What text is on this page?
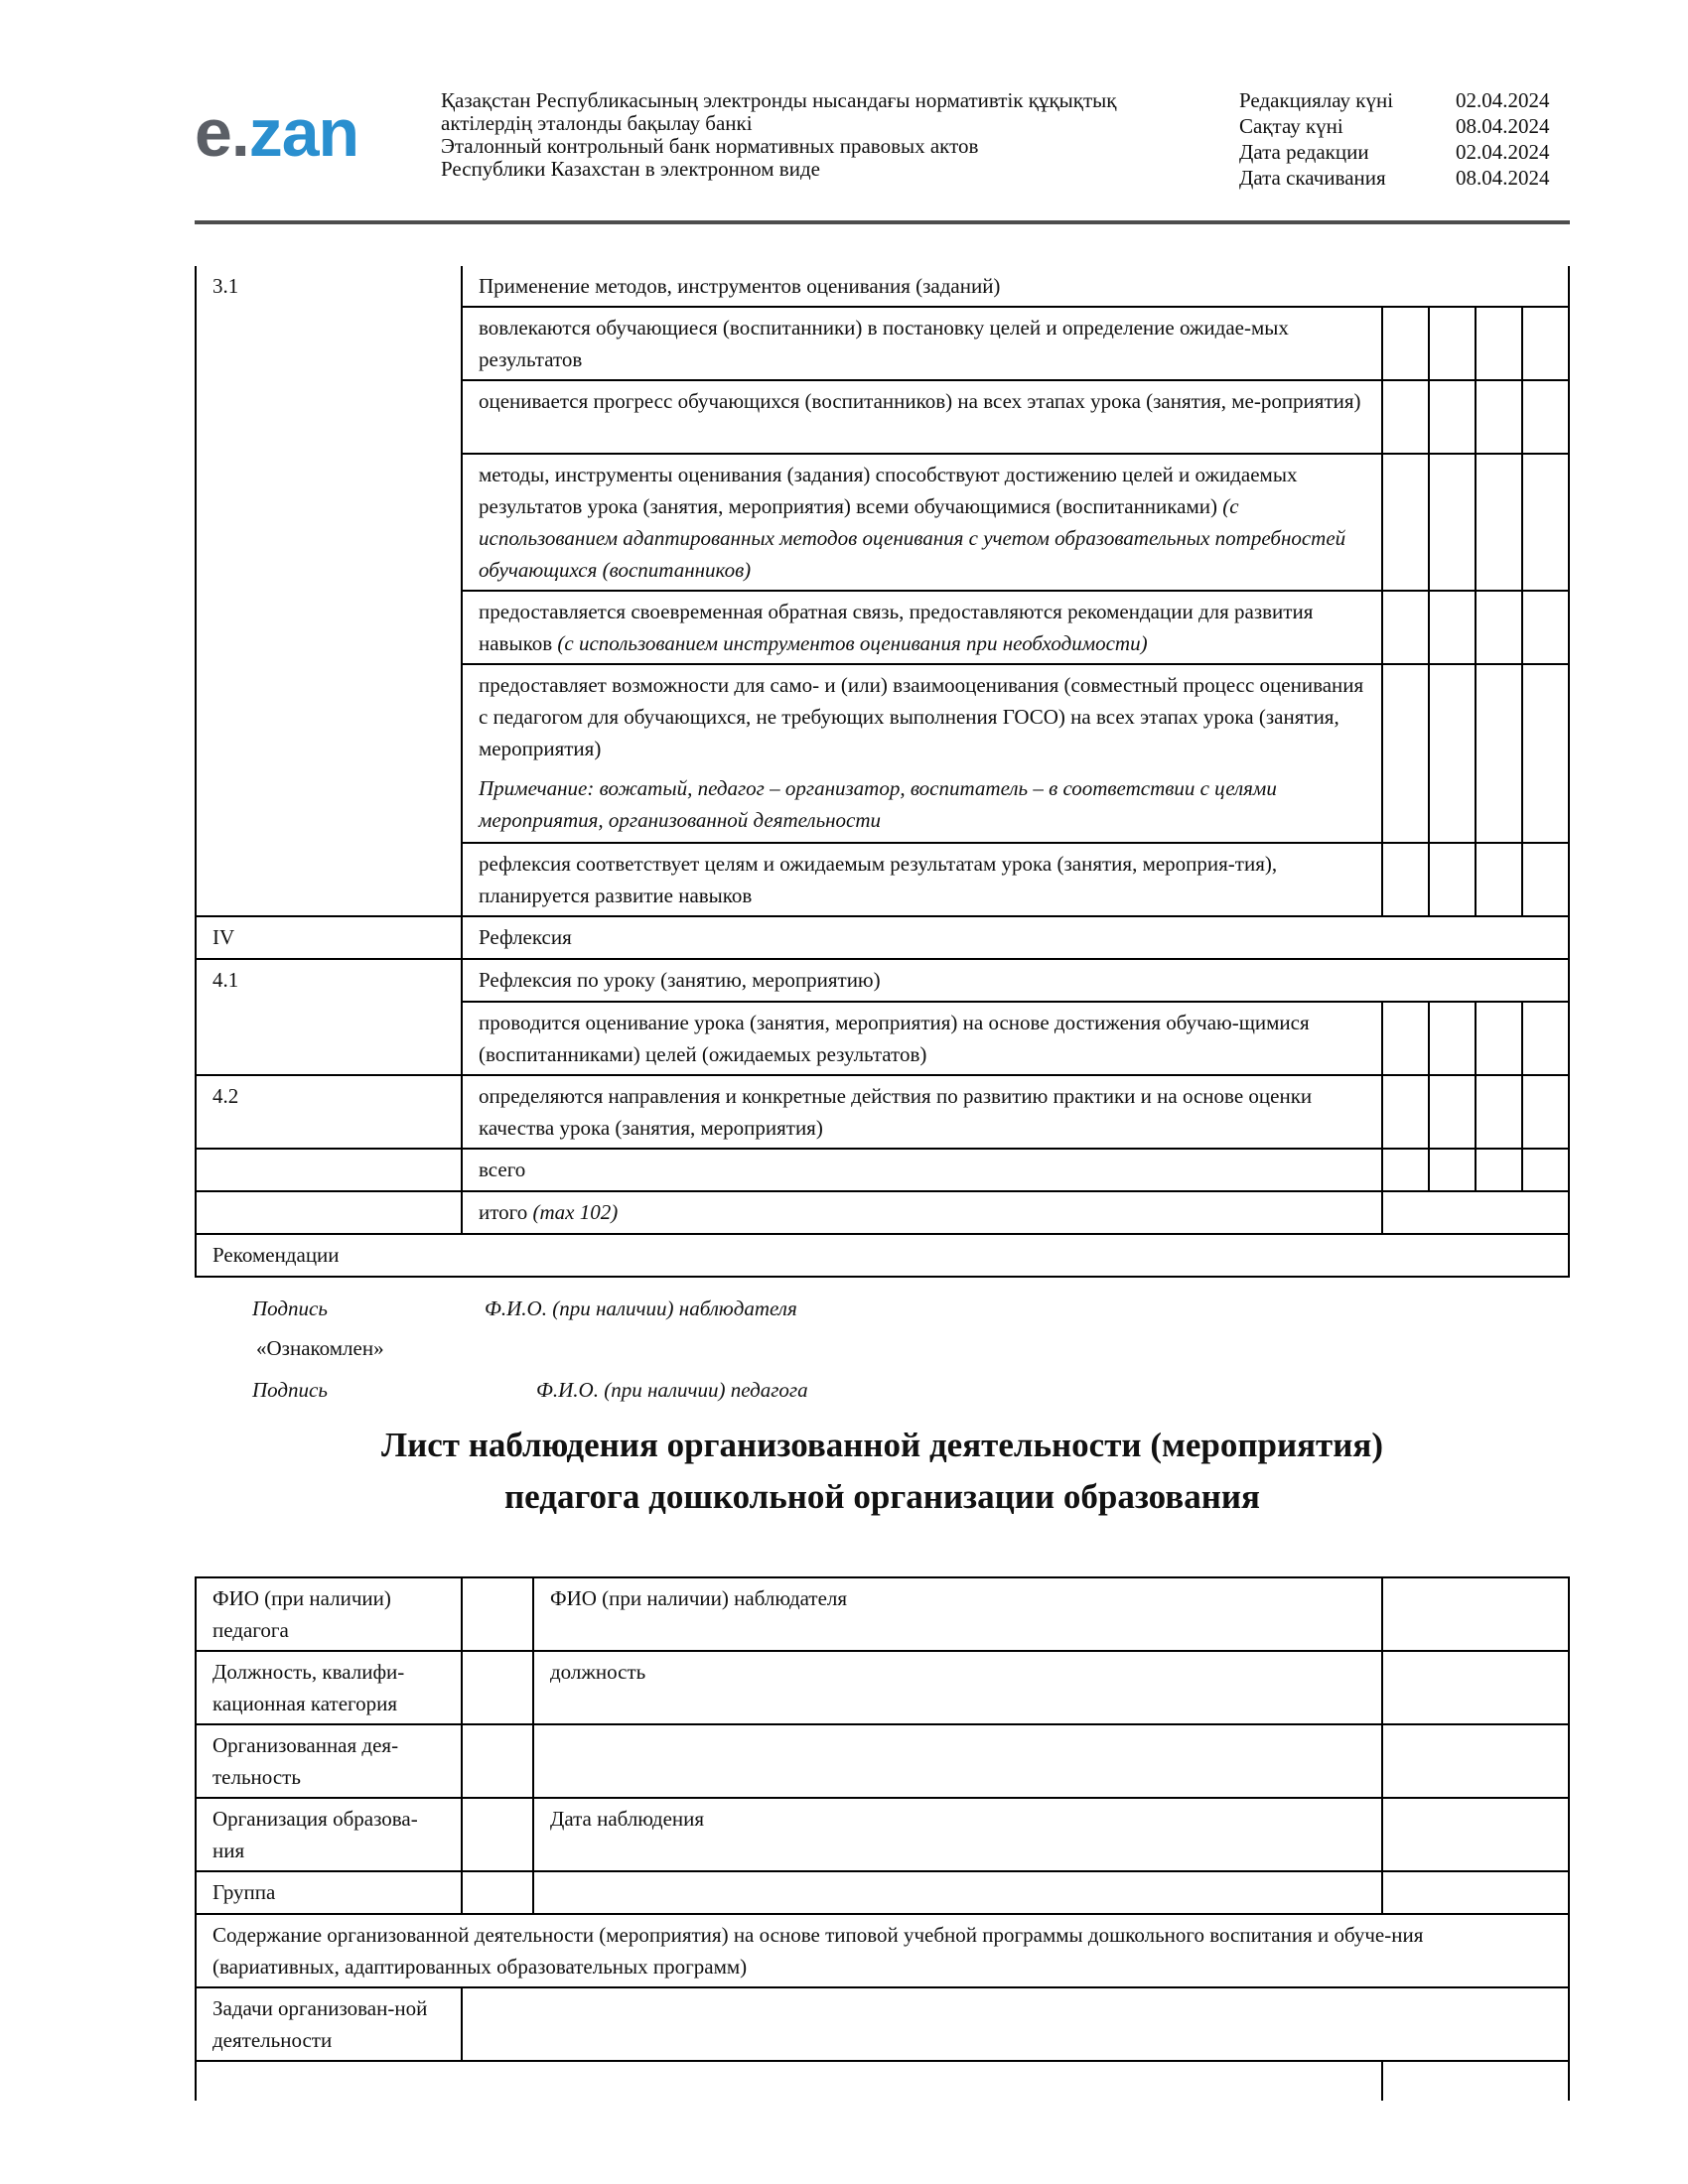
e.zan	Қазақстан Республикасының электронды нысандағы нормативтік құқықтық
актілердің эталонды бақылау банкі
Эталонный контрольный банк нормативных правовых актов
Республики Казахстан в электронном виде
Редакциялау күні	02.04.2024
Сақтау күні	08.04.2024
Дата редакции	02.04.2024
Дата скачивания	08.04.2024
3.1	Применение методов, инструментов оценивания (заданий)				
	вовлекаются обучающиеся (воспитанники) в постановку целей и определение ожидае-мых результатов				
	оценивается прогресс обучающихся (воспитанников) на всех этапах урока (занятия, ме-роприятия)				
	методы, инструменты оценивания (задания) способствуют достижению целей и ожидаемых результатов урока (занятия, мероприятия) всеми обучающимися (воспитанниками) (с использованием адаптированных методов оценивания с учетом образовательных потребностей обучающихся (воспитанников)				
	предоставляется своевременная обратная связь, предоставляются рекомендации для развития навыков (с использованием инструментов оценивания при необходимости)				

	предоставляет возможности для само- и (или) взаимооценивания (совместный процесс оценивания с педагогом для обучающихся, не требующих выполнения ГОСО) на всех этапах урока (занятия, мероприятия)
Примечание: вожатый, педагог – организатор, воспитатель – в соответствии с целями мероприятия, организованной деятельности				

	рефлексия соответствует целям и ожидаемым результатам урока (занятия, мероприя-тия), планируется развитие навыков				
IV	Рефлексия				
4.1	Рефлексия по уроку (занятию, мероприятию)				
	проводится оценивание урока (занятия, мероприятия) на основе достижения обучаю-щимися (воспитанниками) целей (ожидаемых результатов)				
4.2	определяются направления и конкретные действия по развитию практики и на основе оценки качества урока (занятия, мероприятия)				
	всего				
	итого (max 102)				
Рекомендации					
Подпись	Ф.И.О. (при наличии) наблюдателя
«Ознакомлен»
Подпись	Ф.И.О. (при наличии) педагога
Лист наблюдения организованной деятельности (мероприятия)
педагога дошкольной организации образования
ФИО (при наличии) педагога		ФИО (при наличии) наблюдателя	
Должность, квалифи-кационная категория		должность	
Организованная дея-тельность			
Организация образова-ния		Дата наблюдения	
Группа			
Содержание организованной деятельности (мероприятия) на основе типовой учебной программы дошкольного воспитания и обуче-ния (вариативных, адаптированных образовательных программ)			
Задачи организован-ной деятельности			
